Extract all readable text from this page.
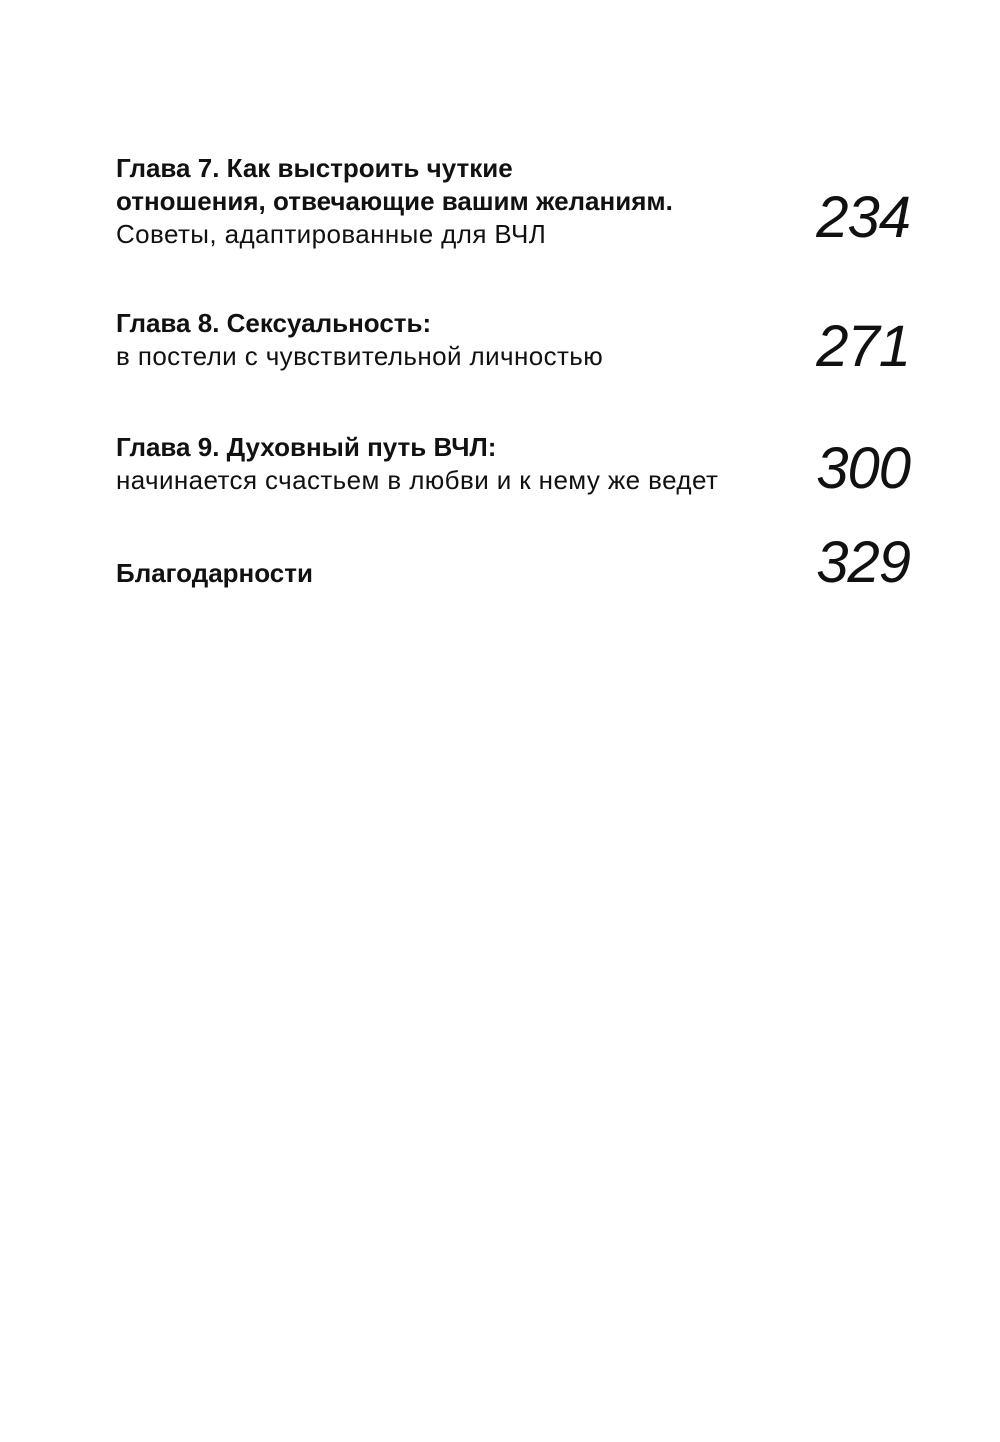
Глава 7. Как выстроить чуткие
отношения, отвечающие вашим желаниям.
Советы, адаптированные для ВЧЛ	234
Глава 8. Сексуальность:
в постели с чувствительной личностью	271
Глава 9. Духовный путь ВЧЛ:
начинается счастьем в любви и к нему же ведет	300
Благодарности	329
